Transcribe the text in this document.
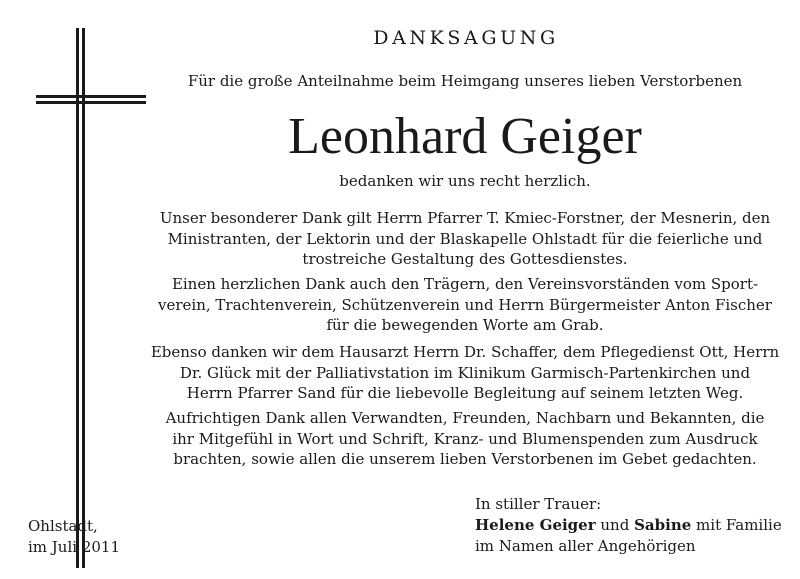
DANKSAGUNG
Für die große Anteilnahme beim Heimgang unseres lieben Verstorbenen
Leonhard Geiger
bedanken wir uns recht herzlich.
Unser besonderer Dank gilt Herrn Pfarrer T. Kmiec-Forstner, der Mesnerin, den
Ministranten, der Lektorin und der Blaskapelle Ohlstadt für die feierliche und
trostreiche Gestaltung des Gottesdienstes.
Einen herzlichen Dank auch den Trägern, den Vereinsvorständen vom Sport-
verein, Trachtenverein, Schützenverein und Herrn Bürgermeister Anton Fischer
für die bewegenden Worte am Grab.
Ebenso danken wir dem Hausarzt Herrn Dr. Schaffer, dem Pflegedienst Ott, Herrn
Dr. Glück mit der Palliativstation im Klinikum Garmisch-Partenkirchen und
Herrn Pfarrer Sand für die liebevolle Begleitung auf seinem letzten Weg.
Aufrichtigen Dank allen Verwandten, Freunden, Nachbarn und Bekannten, die
ihr Mitgefühl in Wort und Schrift, Kranz- und Blumenspenden zum Ausdruck
brachten, sowie allen die unserem lieben Verstorbenen im Gebet gedachten.
Ohlstadt,
im Juli 2011
In stiller Trauer:
Helene Geiger und Sabine mit Familie
im Namen aller Angehörigen
